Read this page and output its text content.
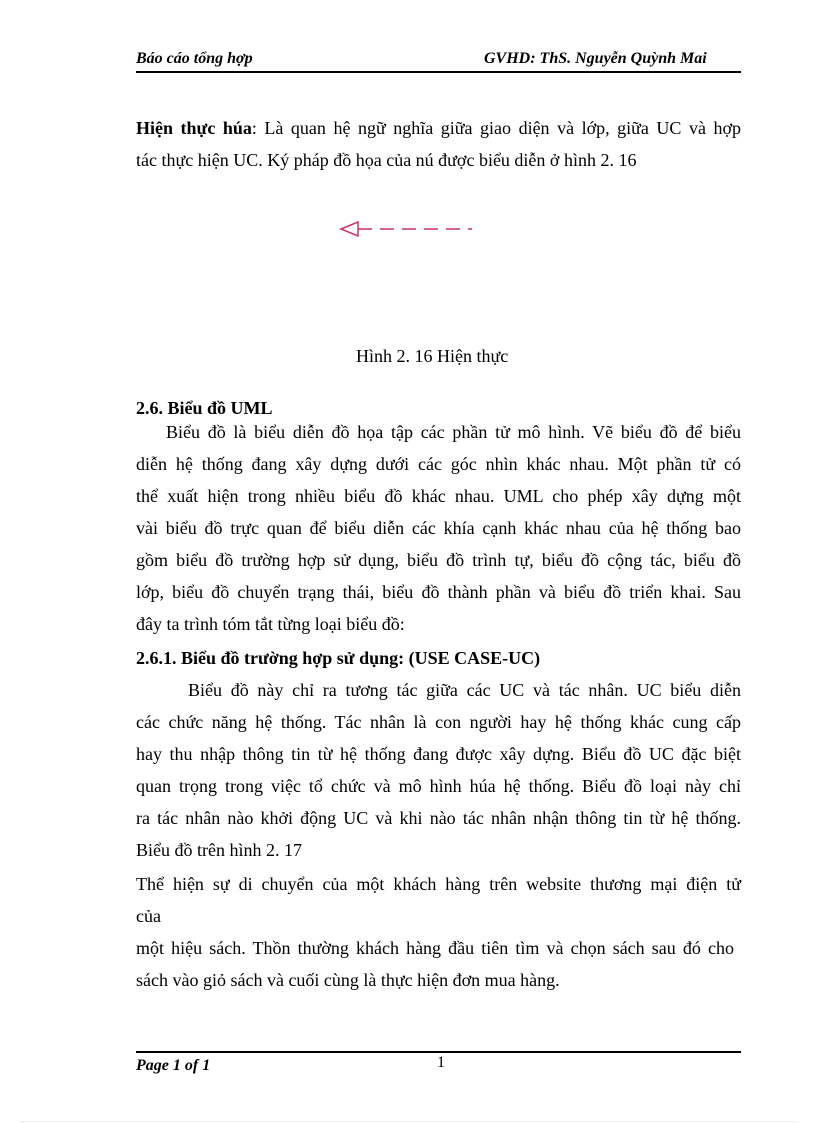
Báo cáo tổng hợp	GVHD: ThS. Nguyễn Quỳnh Mai
Hiện thực húa: Là quan hệ ngữ nghĩa giữa giao diện và lớp, giữa UC và hợp
tác thực hiện UC. Ký pháp đồ họa của nú được biểu diễn ở hình 2. 16
Hình 2. 16 Hiện thực
2.6. Biểu đồ UML
Biểu đồ là biểu diễn đồ họa tập các phần tử mô hình. Vẽ biểu đồ để biểu
diễn hệ thống đang xây dựng dưới các góc nhìn khác nhau. Một phần tử có
thể xuất hiện trong nhiều biểu đồ khác nhau. UML cho phép xây dựng một
vài biểu đồ trực quan để biểu diễn các khía cạnh khác nhau của hệ thống bao
gồm biểu đồ trường hợp sử dụng, biểu đồ trình tự, biểu đồ cộng tác, biểu đồ
lớp, biểu đồ chuyển trạng thái, biểu đồ thành phần và biểu đồ triển khai. Sau
đây ta trình tóm tắt từng loại biểu đồ:
2.6.1. Biểu đồ trường hợp sử dụng: (USE CASE-UC)
Biểu đồ này chỉ ra tương tác giữa các UC và tác nhân. UC biểu diễn
các chức năng hệ thống. Tác nhân là con người hay hệ thống khác cung cấp
hay thu nhập thông tin từ hệ thống đang được xây dựng. Biểu đồ UC đặc biệt
quan trọng trong việc tổ chức và mô hình húa hệ thống. Biểu đồ loại này chỉ
ra tác nhân nào khởi động UC và khi nào tác nhân nhận thông tin từ hệ thống.
Biểu đồ trên hình 2. 17
Thể hiện sự di chuyển của một khách hàng trên website thương mại điện tử
của
một hiệu sách. Thồn thường khách hàng đầu tiên tìm và chọn sách sau đó cho
sách vào giỏ sách và cuối cùng là thực hiện đơn mua hàng.
Page 1 of 1	1
